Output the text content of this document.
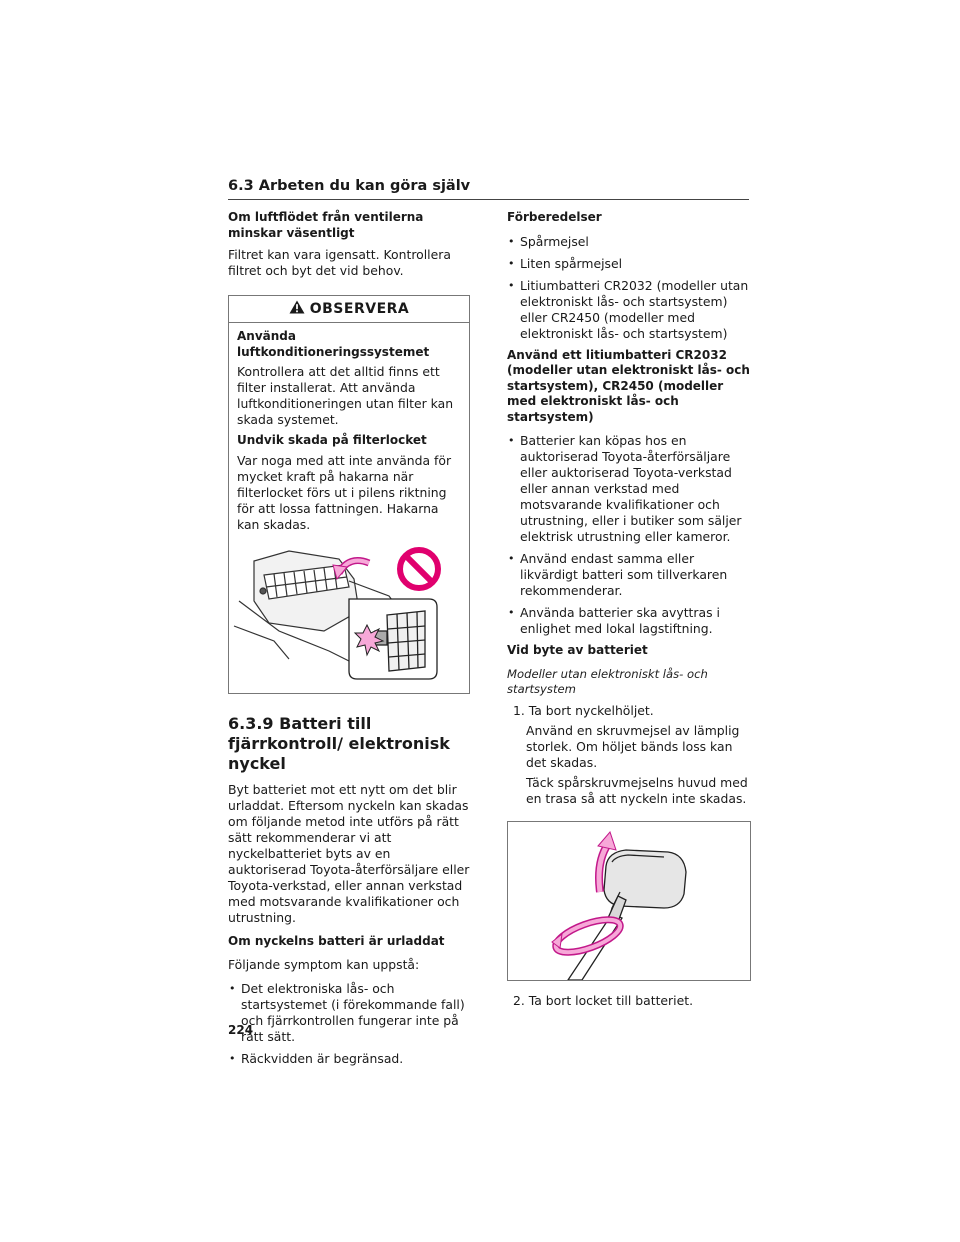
6.3 Arbeten du kan göra själv

Om luftflödet från ventilerna minskar väsentligt

Filtret kan vara igensatt. Kontrollera filtret och byt det vid behov.

OBSERVERA

Använda luftkonditioneringssystemet

Kontrollera att det alltid finns ett filter installerat. Att använda luftkonditioneringen utan filter kan skada systemet.

Undvik skada på filterlocket

Var noga med att inte använda för mycket kraft på hakarna när filterlocket förs ut i pilens riktning för att lossa fattningen. Hakarna kan skadas.

6.3.9 Batteri till fjärrkontroll/ elektronisk nyckel

Byt batteriet mot ett nytt om det blir urladdat. Eftersom nyckeln kan skadas om följande metod inte utförs på rätt sätt rekommenderar vi att nyckelbatteriet byts av en auktoriserad Toyota-återförsäljare eller Toyota-verkstad, eller annan verkstad med motsvarande kvalifikationer och utrustning.

Om nyckelns batteri är urladdat

Följande symptom kan uppstå:

• Det elektroniska lås- och startsystemet (i förekommande fall) och fjärrkontrollen fungerar inte på rätt sätt.
• Räckvidden är begränsad.

Förberedelser

• Spårmejsel
• Liten spårmejsel
• Litiumbatteri CR2032 (modeller utan elektroniskt lås- och startsystem) eller CR2450 (modeller med elektroniskt lås- och startsystem)

Använd ett litiumbatteri CR2032 (modeller utan elektroniskt lås- och startsystem), CR2450 (modeller med elektroniskt lås- och startsystem)

• Batterier kan köpas hos en auktoriserad Toyota-återförsäljare eller auktoriserad Toyota-verkstad eller annan verkstad med motsvarande kvalifikationer och utrustning, eller i butiker som säljer elektrisk utrustning eller kameror.
• Använd endast samma eller likvärdigt batteri som tillverkaren rekommenderar.
• Använda batterier ska avyttras i enlighet med lokal lagstiftning.

Vid byte av batteriet

Modeller utan elektroniskt lås- och startsystem

1. Ta bort nyckelhöljet.

Använd en skruvmejsel av lämplig storlek. Om höljet bänds loss kan det skadas.

Täck spårskruvmejselns huvud med en trasa så att nyckeln inte skadas.

2. Ta bort locket till batteriet.

224
